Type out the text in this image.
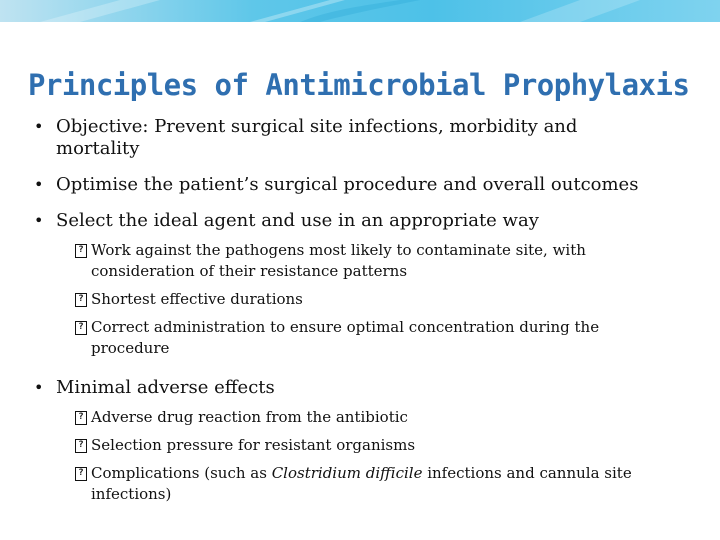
Principles of Antimicrobial Prophylaxis
• Objective: Prevent surgical site infections, morbidity and mortality
• Optimise the patient’s surgical procedure and overall outcomes
• Select the ideal agent and use in an appropriate way
? Work against the pathogens most likely to contaminate site, with consideration of their resistance patterns
? Shortest effective durations
? Correct administration to ensure optimal concentration during the procedure
• Minimal adverse effects
? Adverse drug reaction from the antibiotic
? Selection pressure for resistant organisms
? Complications (such as Clostridium difficile infections and cannula site infections)
